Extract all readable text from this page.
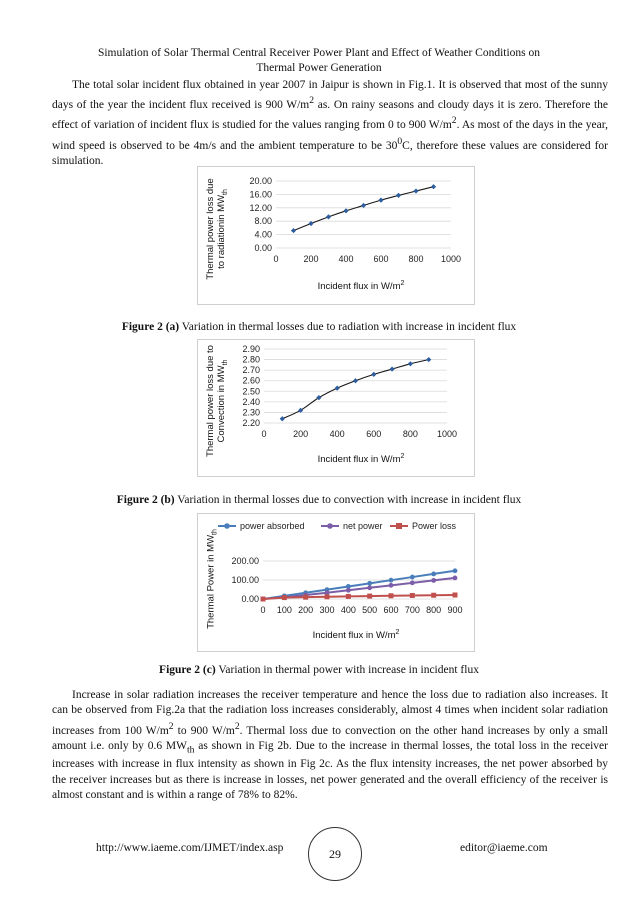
Simulation of Solar Thermal Central Receiver Power Plant and Effect of Weather Conditions on
Thermal Power Generation
The total solar incident flux obtained in year 2007 in Jaipur is shown in Fig.1. It is observed that most of the sunny days of the year the incident flux received is 900 $W/m^2$ as. On rainy seasons and cloudy days it is zero. Therefore the effect of variation of incident flux is studied for the values ranging from 0 to 900 $W/m^2$. As most of the days in the year, wind speed is observed to be 4m/s and the ambient temperature to be $30^0C$, therefore these values are considered for simulation.
0.00
4.00
8.00
12.00
16.00
20.00
0	200 400 600 800 1000
Thermal power loss due to radiationin $MW_{th}$
Incident flux in $W/m^2$
Figure 2 (a) Variation in thermal losses due to radiation with increase in incident flux
2.20
2.30
2.40
2.50
2.60
2.70
2.80
2.90
0	200 400 600 800 1000
Thermal power loss due to Convection in $MW_{th}$
Incident flux in $W/m^2$
Figure 2 (b) Variation in thermal losses due to convection with increase in incident flux
0.00
100.00
200.00
0 100 200 300 400 500 600 700 800 900
power absorbed	net power	Power loss
Thermal Power in $MW_{th}$
Incident flux in $W/m^2$
Figure 2 (c) Variation in thermal power with increase in incident flux
Increase in solar radiation increases the receiver temperature and hence the loss due to radiation also increases. It can be observed from Fig.2a that the radiation loss increases considerably, almost 4 times when incident solar radiation increases from 100 $W/m^2$ to 900 $W/m^2$. Thermal loss due to convection on the other hand increases by only a small amount i.e. only by 0.6 $MW_{th}$ as shown in Fig 2b. Due to the increase in thermal losses, the total loss in the receiver increases with increase in flux intensity as shown in Fig 2c. As the flux intensity increases, the net power absorbed by the receiver increases but as there is increase in losses, net power generated and the overall efficiency of the receiver is almost constant and is within a range of 78% to 82%.
http://www.iaeme.com/IJMET/index.asp	editor@iaeme.com
29
